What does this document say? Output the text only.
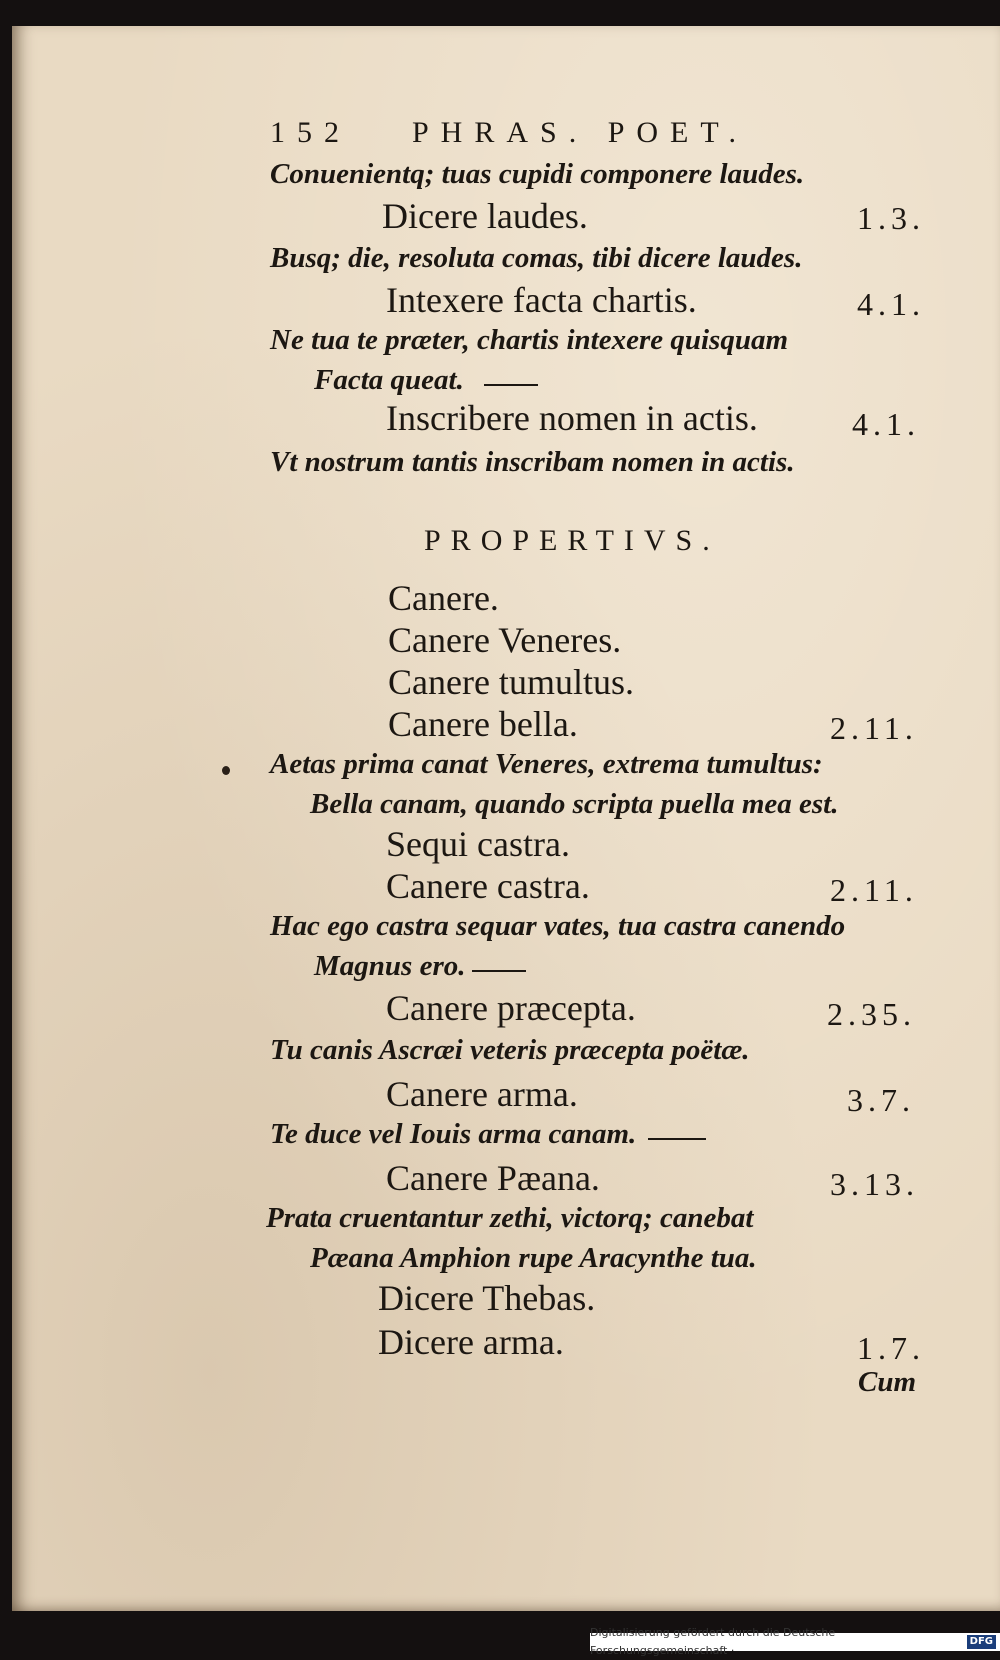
152 PHRAS. POET.
Conuenientq; tuas cupidi componere laudes.
Dicere laudes.	1.3.
Busq; die, resoluta comas, tibi dicere laudes.
Intexere facta chartis.	4.1.
Ne tua te præter, chartis intexere quisquam
Facta queat.
Inscribere nomen in actis.	4.1.
Vt nostrum tantis inscribam nomen in actis.
PROPERTIVS.
Canere.
Canere Veneres.
Canere tumultus.
Canere bella.	2.11.
Aetas prima canat Veneres, extrema tumultus:
Bella canam, quando scripta puella mea est.
Sequi castra.
Canere castra.	2.11.
Hac ego castra sequar vates, tua castra canendo
Magnus ero.
Canere præcepta.	2.35.
Tu canis Ascræi veteris præcepta poëtæ.
Canere arma.	3.7.
Te duce vel Iouis arma canam.
Canere Pæana.	3.13.
Prata cruentantur zethi, victorq; canebat
Pæana Amphion rupe Aracynthe tua.
Dicere Thebas.
Dicere arma.	1.7.
Cum
Digitalisierung gefördert durch die Deutsche Forschungsgemeinschaft ·
DFG
